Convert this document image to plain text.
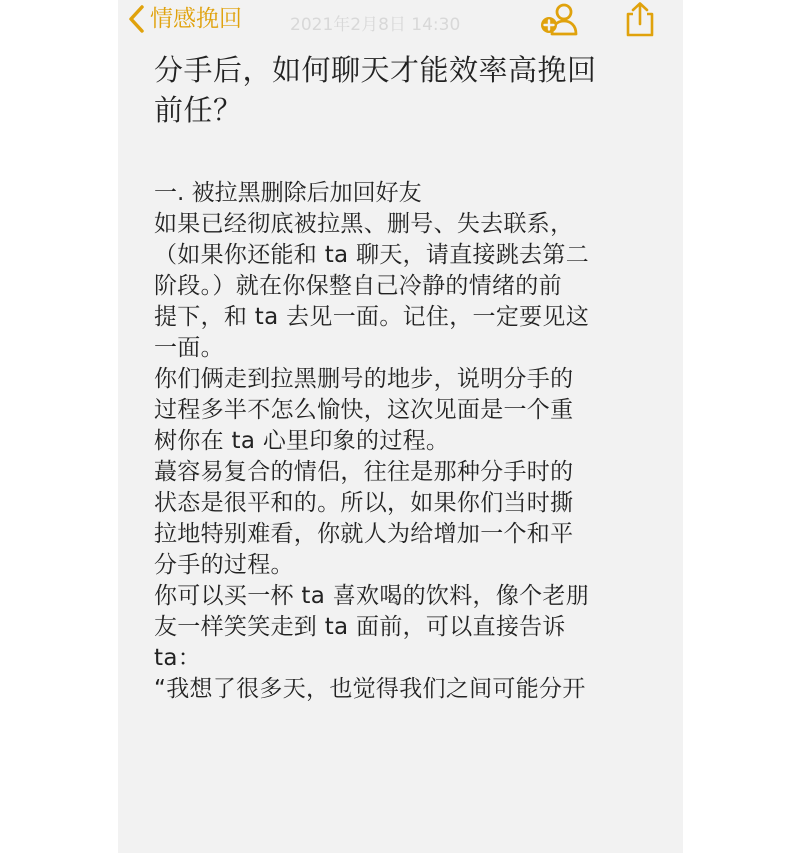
情感挽回	2021年2月8日 14:30
分手后，如何聊天才能效率高挽回
前任？
一. 被拉黑删除后加回好友

如果已经彻底被拉黑、删号、失去联系，
（如果你还能和 ta 聊天，请直接跳去第二
阶段。）就在你保整自己冷静的情绪的前
提下，和 ta 去见一面。记住，一定要见这
一面。

你们俩走到拉黑删号的地步，说明分手的
过程多半不怎么愉快，这次见面是一个重
树你在 ta 心里印象的过程。

蕞容易复合的情侣，往往是那种分手时的
状态是很平和的。所以，如果你们当时撕
拉地特别难看，你就人为给增加一个和平
分手的过程。

你可以买一杯 ta 喜欢喝的饮料，像个老朋
友一样笑笑走到 ta 面前，可以直接告诉
ta：

“我想了很多天，也觉得我们之间可能分开
